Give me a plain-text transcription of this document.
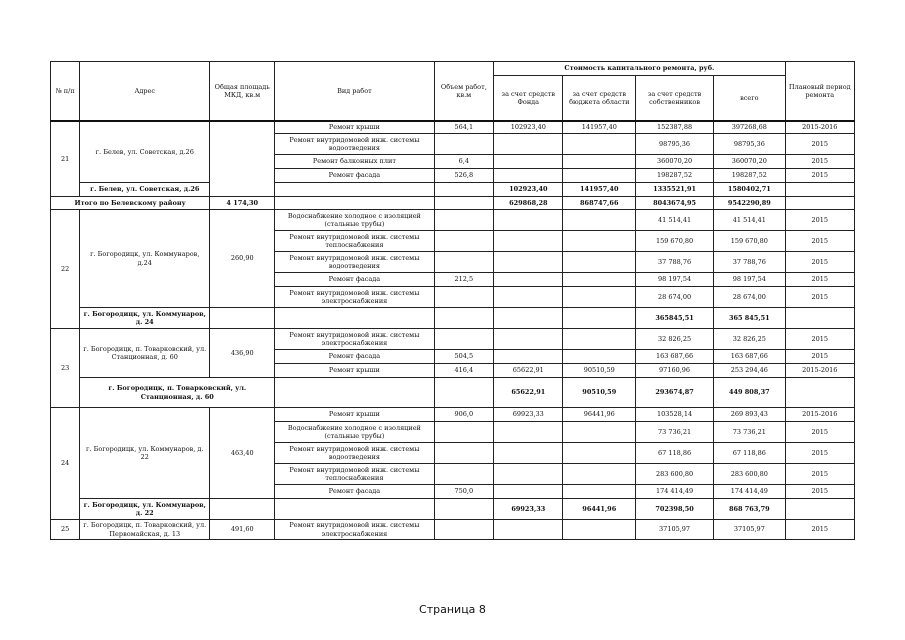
№ п/п	Адрес	Общая площадь МКД, кв.м	Вид работ	Объем работ, кв.м	Стоимость капитального ремонта, руб.				Плановый период ремонта
					за счет средств Фонда	за счет средств бюджета области	за счет средств собственников	всего	
21	г. Белев, ул. Советская, д.26		Ремонт крыши	564,1	102923,40	141957,40	152387,88	397268,68	2015-2016
			Ремонт внутридомовой инж. системы водоотведения				98795,36	98795,36	2015
			Ремонт балконных плит	6,4			360070,20	360070,20	2015
			Ремонт фасада	526,8			198287,52	198287,52	2015
	г. Белев, ул. Советская, д.26				102923,40	141957,40	1335521,91	1580402,71	
Итого по Белевскому району		4 174,30			629868,28	868747,66	8043674,95	9542290,89	
22	г. Богородицк, ул. Коммунаров, д.24	260,90	Водоснабжение холодное с изоляцией (стальные трубы)				41 514,41	41 514,41	2015
			Ремонт внутридомовой инж. системы теплоснабжения				159 670,80	159 670,80	2015
			Ремонт внутридомовой инж. системы водоотведения				37 788,76	37 788,76	2015
			Ремонт фасада	212,5			98 197,54	98 197,54	2015
			Ремонт внутридомовой инж. системы электроснабжения				28 674,00	28 674,00	2015
	г. Богородицк, ул. Коммунаров, д. 24						365845,51	365 845,51	
23	г. Богородицк, п. Товарковский, ул. Станционная, д. 60	436,90	Ремонт внутридомовой инж. системы электроснабжения				32 826,25	32 826,25	2015
			Ремонт фасада	504,5			163 687,66	163 687,66	2015
			Ремонт крыши	416,4	65622,91	90510,59	97160,96	253 294,46	2015-2016
	г. Богородицк, п. Товарковский, ул. Станционная, д. 60				65622,91	90510,59	293674,87	449 808,37	
24	г. Богородицк, ул. Коммунаров, д. 22	463,40	Ремонт крыши	906,0	69923,33	96441,96	103528,14	269 893,43	2015-2016
			Водоснабжение холодное с изоляцией (стальные трубы)				73 736,21	73 736,21	2015
			Ремонт внутридомовой инж. системы водоотведения				67 118,86	67 118,86	2015
			Ремонт внутридомовой инж. системы теплоснабжения				283 600,80	283 600,80	2015
			Ремонт фасада	750,0			174 414,49	174 414,49	2015
	г. Богородицк, ул. Коммунаров, д. 22				69923,33	96441,96	702398,50	868 763,79	
25	г. Богородицк, п. Товарковский, ул. Первомайская, д. 13	491,60	Ремонт внутридомовой инж. системы электроснабжения				37105,97	37105,97	2015
Страница 8
